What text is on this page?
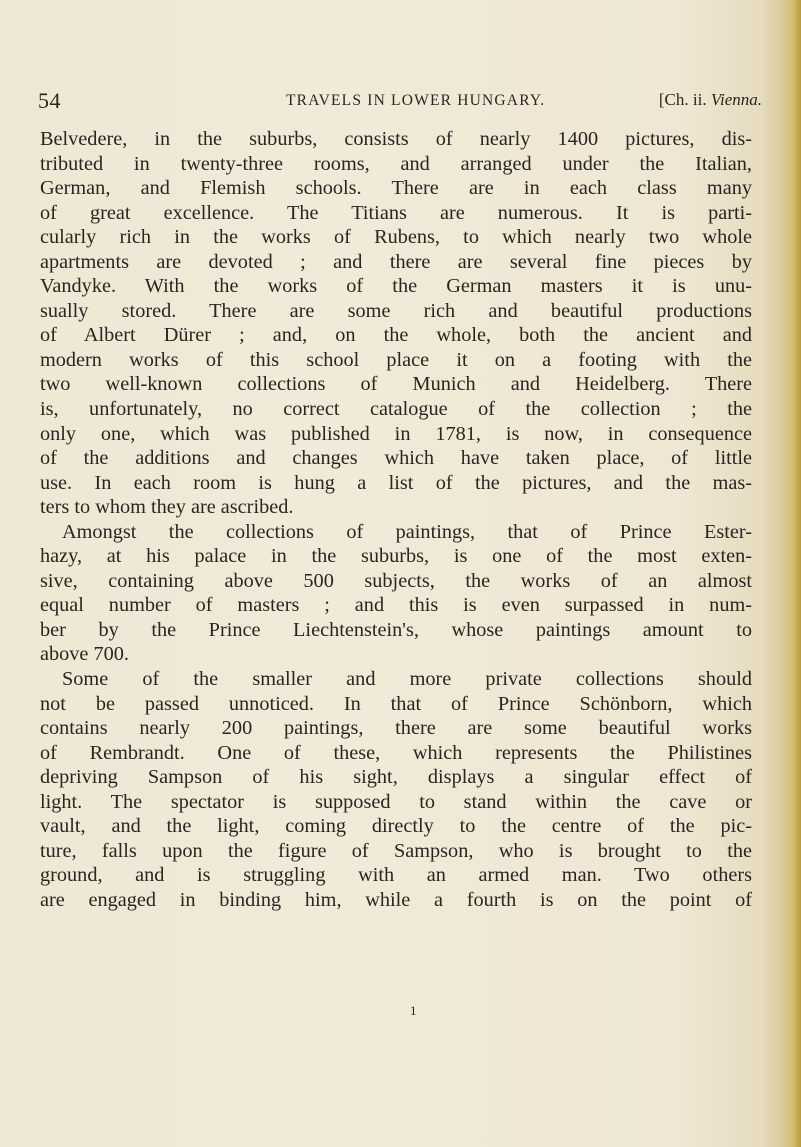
54	TRAVELS IN LOWER HUNGARY.	[Ch. ii. Vienna.
Belvedere, in the suburbs, consists of nearly 1400 pictures, dis-
tributed in twenty-three rooms, and arranged under the Italian,
German, and Flemish schools. There are in each class many
of great excellence. The Titians are numerous. It is parti-
cularly rich in the works of Rubens, to which nearly two whole
apartments are devoted ; and there are several fine pieces by
Vandyke. With the works of the German masters it is unu-
sually stored. There are some rich and beautiful productions
of Albert Dürer ; and, on the whole, both the ancient and
modern works of this school place it on a footing with the
two well-known collections of Munich and Heidelberg. There
is, unfortunately, no correct catalogue of the collection ; the
only one, which was published in 1781, is now, in consequence
of the additions and changes which have taken place, of little
use. In each room is hung a list of the pictures, and the mas-
ters to whom they are ascribed.
Amongst the collections of paintings, that of Prince Ester-
hazy, at his palace in the suburbs, is one of the most exten-
sive, containing above 500 subjects, the works of an almost
equal number of masters ; and this is even surpassed in num-
ber by the Prince Liechtenstein's, whose paintings amount to
above 700.
Some of the smaller and more private collections should
not be passed unnoticed. In that of Prince Schönborn, which
contains nearly 200 paintings, there are some beautiful works
of Rembrandt. One of these, which represents the Philistines
depriving Sampson of his sight, displays a singular effect of
light. The spectator is supposed to stand within the cave or
vault, and the light, coming directly to the centre of the pic-
ture, falls upon the figure of Sampson, who is brought to the
ground, and is struggling with an armed man. Two others
are engaged in binding him, while a fourth is on the point of
1
